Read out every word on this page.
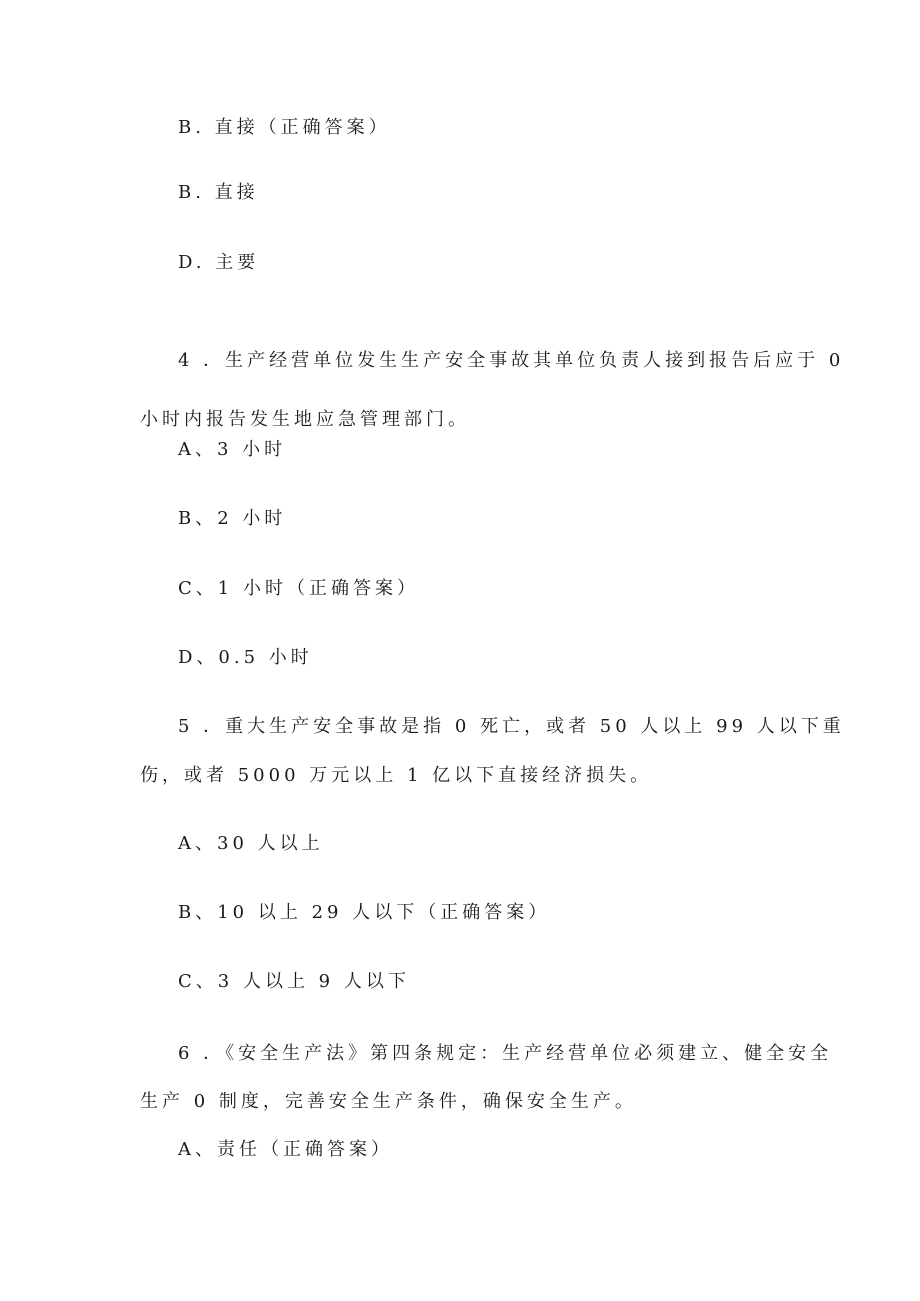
B. 直接（正确答案）
B. 直接
D. 主要
4 ．生产经营单位发生生产安全事故其单位负责人接到报告后应于 0
小时内报告发生地应急管理部门。
A、3 小时
B、2 小时
C、1 小时（正确答案）
D、0.5 小时
5 ．重大生产安全事故是指 0 死亡，或者 50 人以上 99 人以下重
伤，或者 5000 万元以上 1 亿以下直接经济损失。
A、30 人以上
B、10 以上 29 人以下（正确答案）
C、3 人以上 9 人以下
6 ．《安全生产法》第四条规定：生产经营单位必须建立、健全安全
生产 0 制度，完善安全生产条件，确保安全生产。
A、责任（正确答案）
